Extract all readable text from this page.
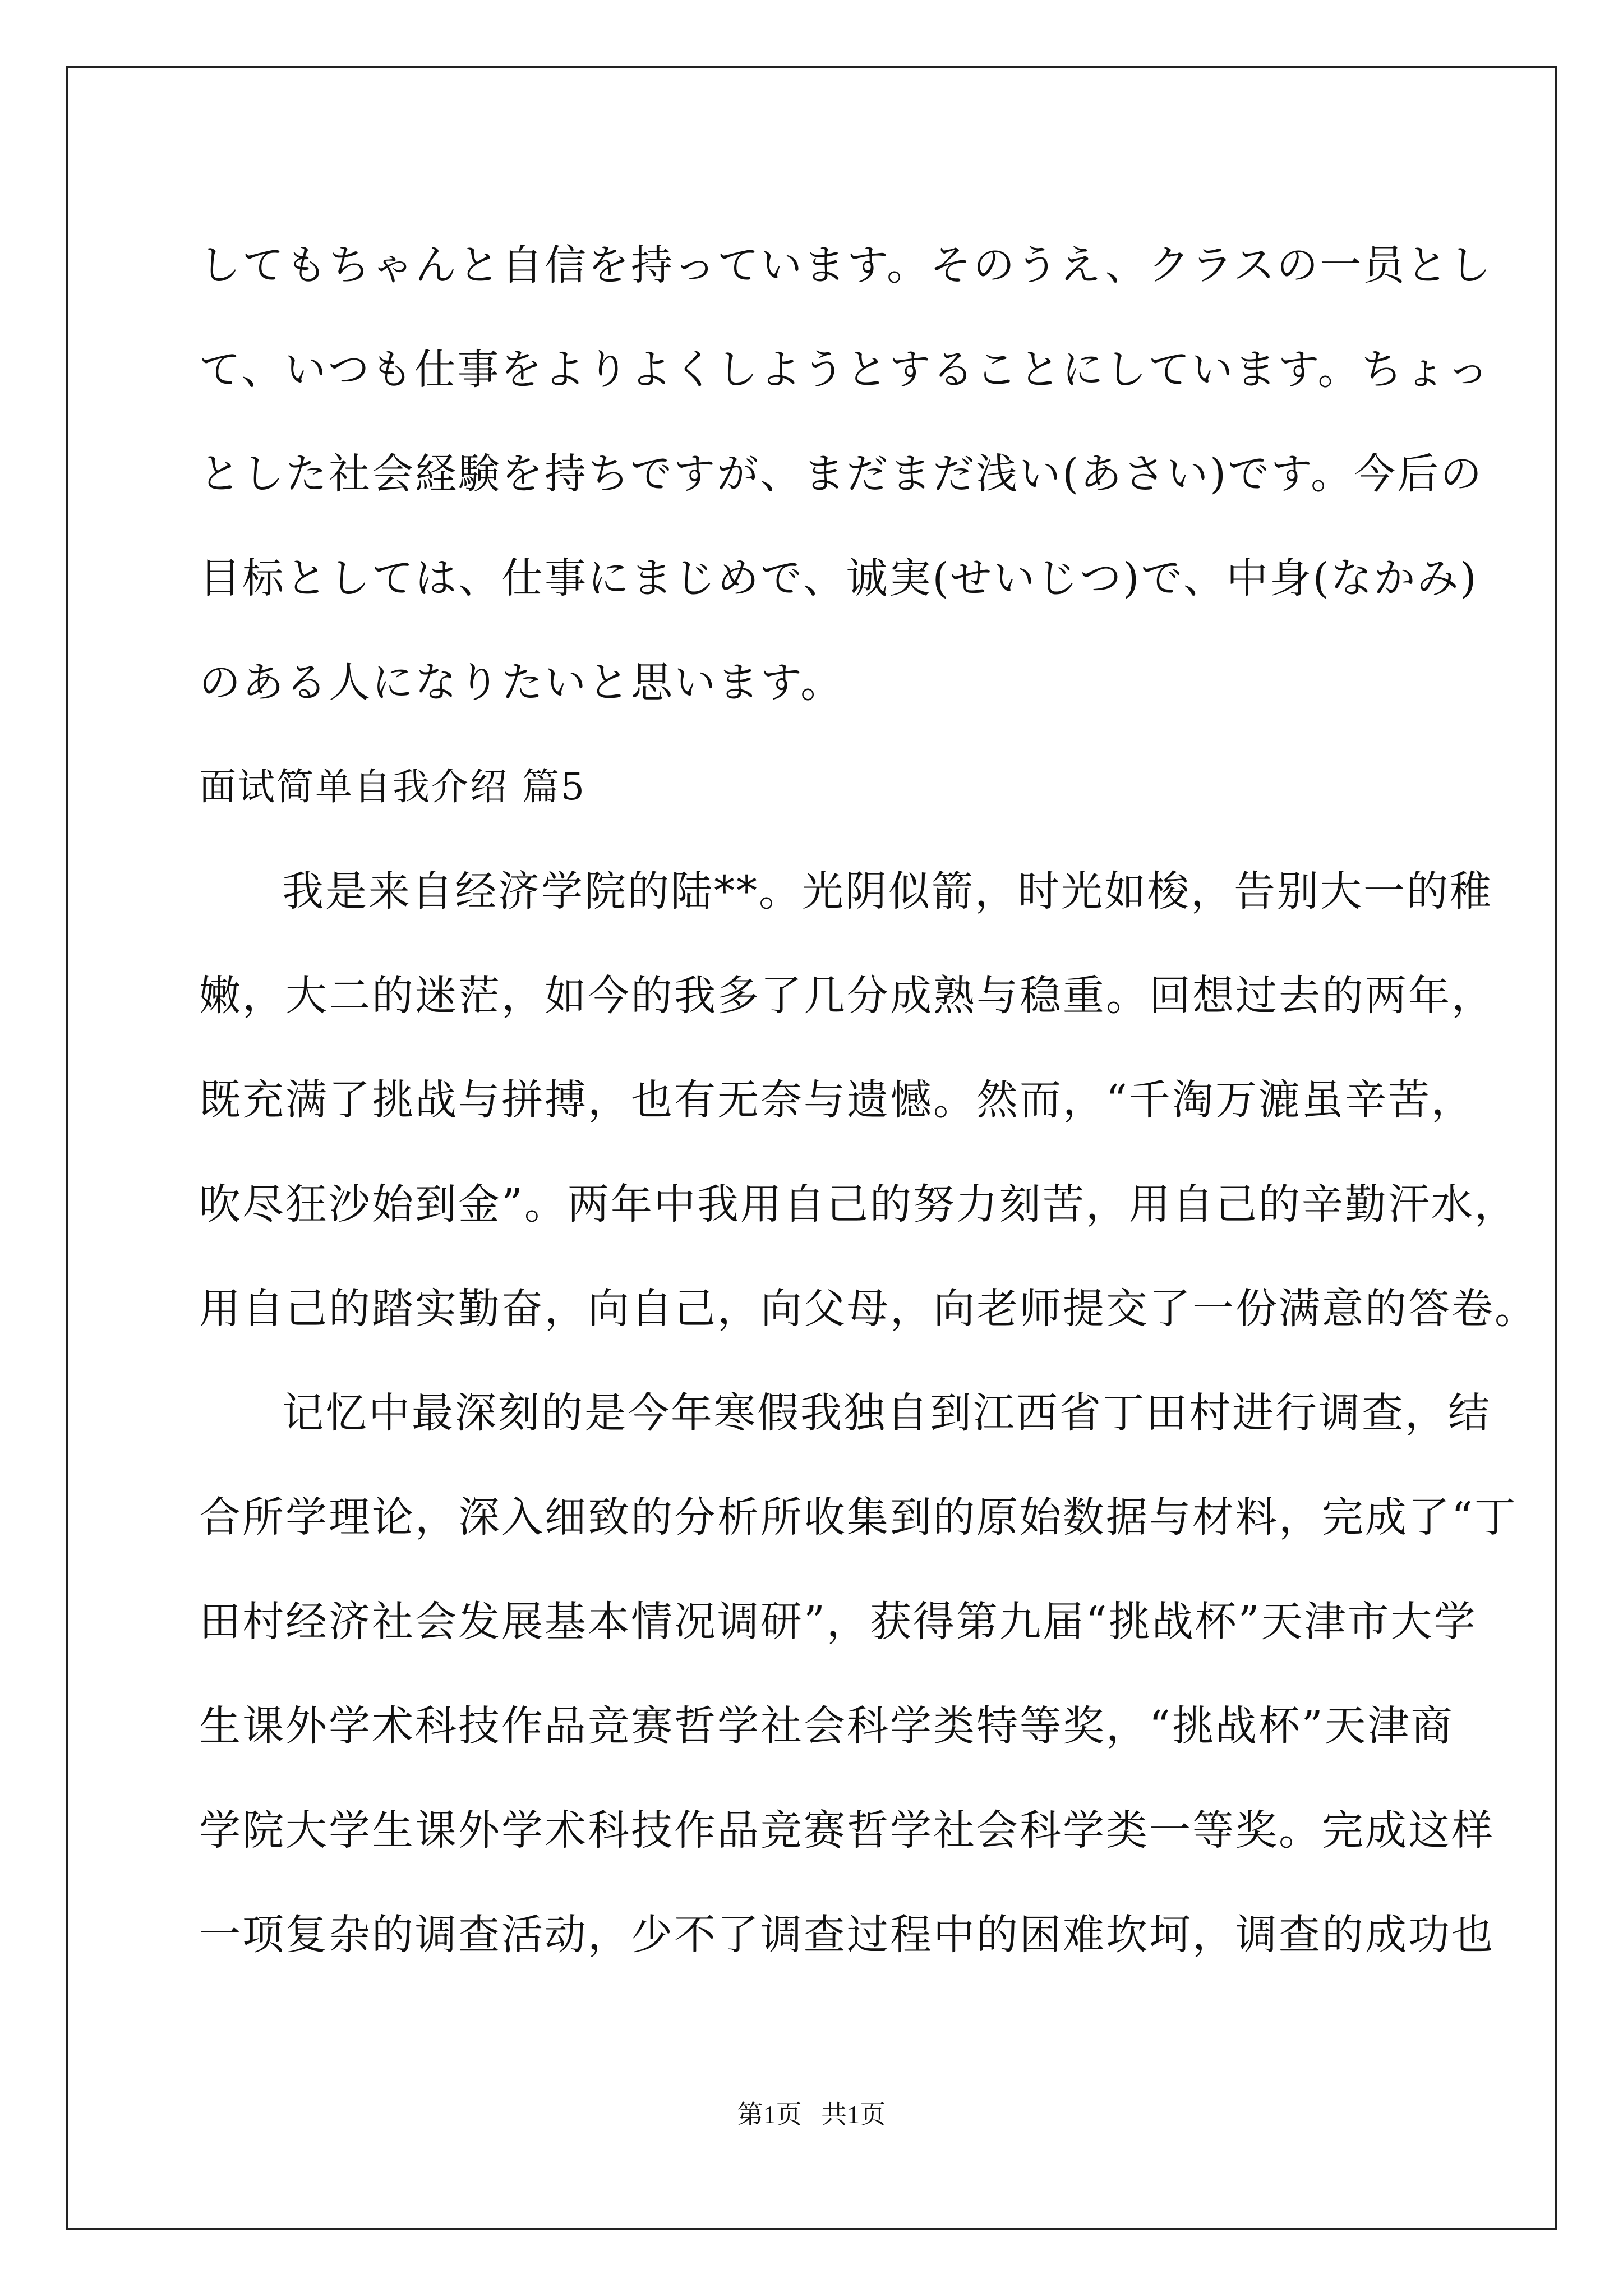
してもちゃんと自信を持っています。そのうえ、クラスの一员とし
て、いつも仕事をよりよくしようとすることにしています。ちょっ
とした社会経験を持ちですが、まだまだ浅い(あさい)です。今后の
目标としては、仕事にまじめで、诚実(せいじつ)で、中身(なかみ)
のある人になりたいと思います。
面试简单自我介绍 篇5
我是来自经济学院的陆**。光阴似箭，时光如梭，告别大一的稚
嫩，大二的迷茫，如今的我多了几分成熟与稳重。回想过去的两年，
既充满了挑战与拼搏，也有无奈与遗憾。然而，“千淘万漉虽辛苦，
吹尽狂沙始到金”。两年中我用自己的努力刻苦，用自己的辛勤汗水，
用自己的踏实勤奋，向自己，向父母，向老师提交了一份满意的答卷。
记忆中最深刻的是今年寒假我独自到江西省丁田村进行调查，结
合所学理论，深入细致的分析所收集到的原始数据与材料，完成了“丁
田村经济社会发展基本情况调研”，获得第九届“挑战杯”天津市大学
生课外学术科技作品竞赛哲学社会科学类特等奖，“挑战杯”天津商
学院大学生课外学术科技作品竞赛哲学社会科学类一等奖。完成这样
一项复杂的调查活动，少不了调查过程中的困难坎坷，调查的成功也
第1页   共1页
